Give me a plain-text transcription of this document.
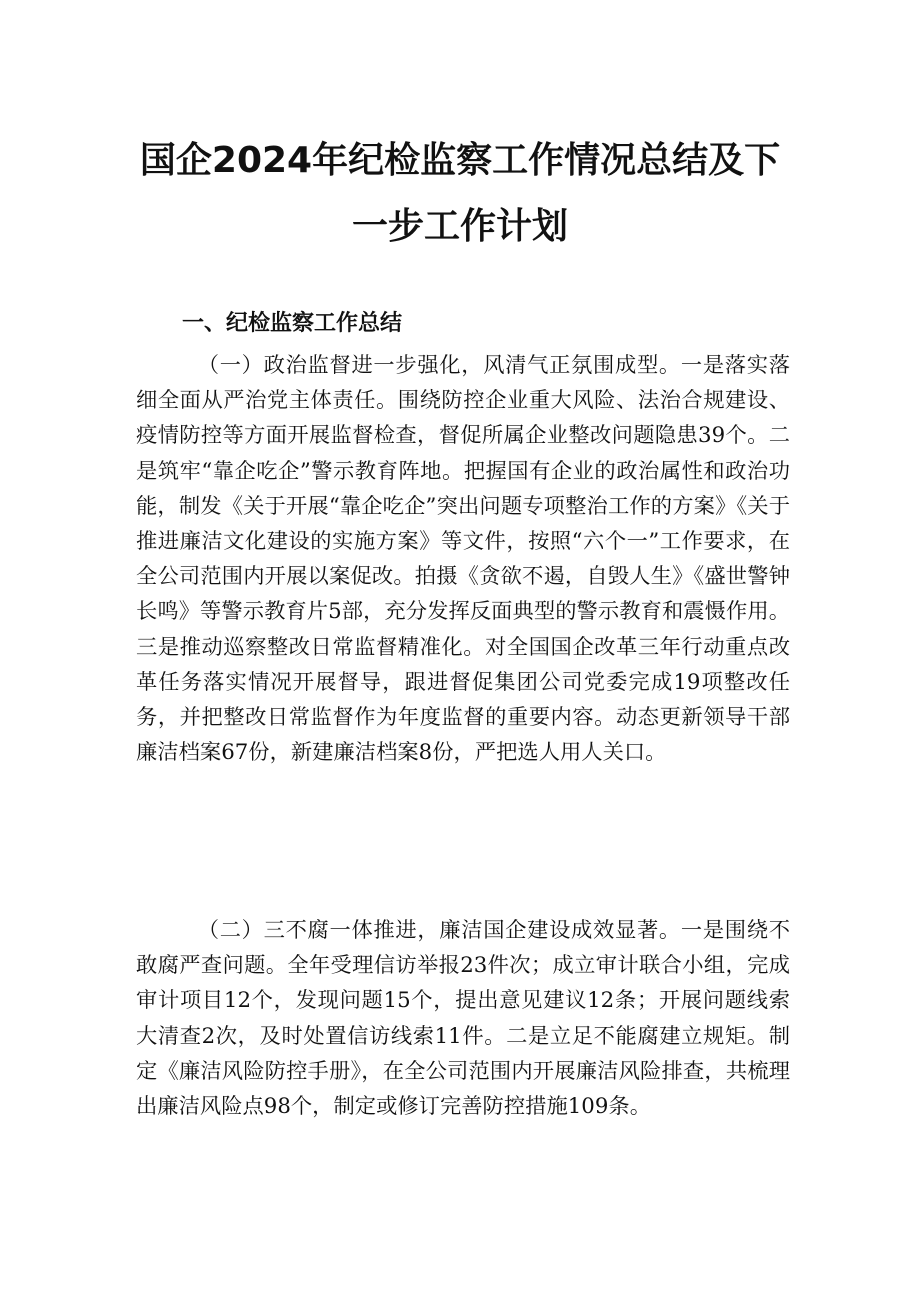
国企2024年纪检监察工作情况总结及下一步工作计划
一、纪检监察工作总结

（一）政治监督进一步强化，风清气正氛围成型。一是落实落细全面从严治党主体责任。围绕防控企业重大风险、法治合规建设、疫情防控等方面开展监督检查，督促所属企业整改问题隐患39个。二是筑牢“靠企吃企”警示教育阵地。把握国有企业的政治属性和政治功能，制发《关于开展“靠企吃企”突出问题专项整治工作的方案》《关于推进廉洁文化建设的实施方案》等文件，按照“六个一”工作要求，在全公司范围内开展以案促改。拍摄《贪欲不遏，自毁人生》《盛世警钟长鸣》等警示教育片5部，充分发挥反面典型的警示教育和震慑作用。三是推动巡察整改日常监督精准化。对全国国企改革三年行动重点改革任务落实情况开展督导，跟进督促集团公司党委完成19项整改任务，并把整改日常监督作为年度监督的重要内容。动态更新领导干部廉洁档案67份，新建廉洁档案8份，严把选人用人关口。

（二）三不腐一体推进，廉洁国企建设成效显著。一是围绕不敢腐严查问题。全年受理信访举报23件次；成立审计联合小组，完成审计项目12个，发现问题15个，提出意见建议12条；开展问题线索大清查2次，及时处置信访线索11件。二是立足不能腐建立规矩。制定《廉洁风险防控手册》，在全公司范围内开展廉洁风险排查，共梳理出廉洁风险点98个，制定或修订完善防控措施109条。
